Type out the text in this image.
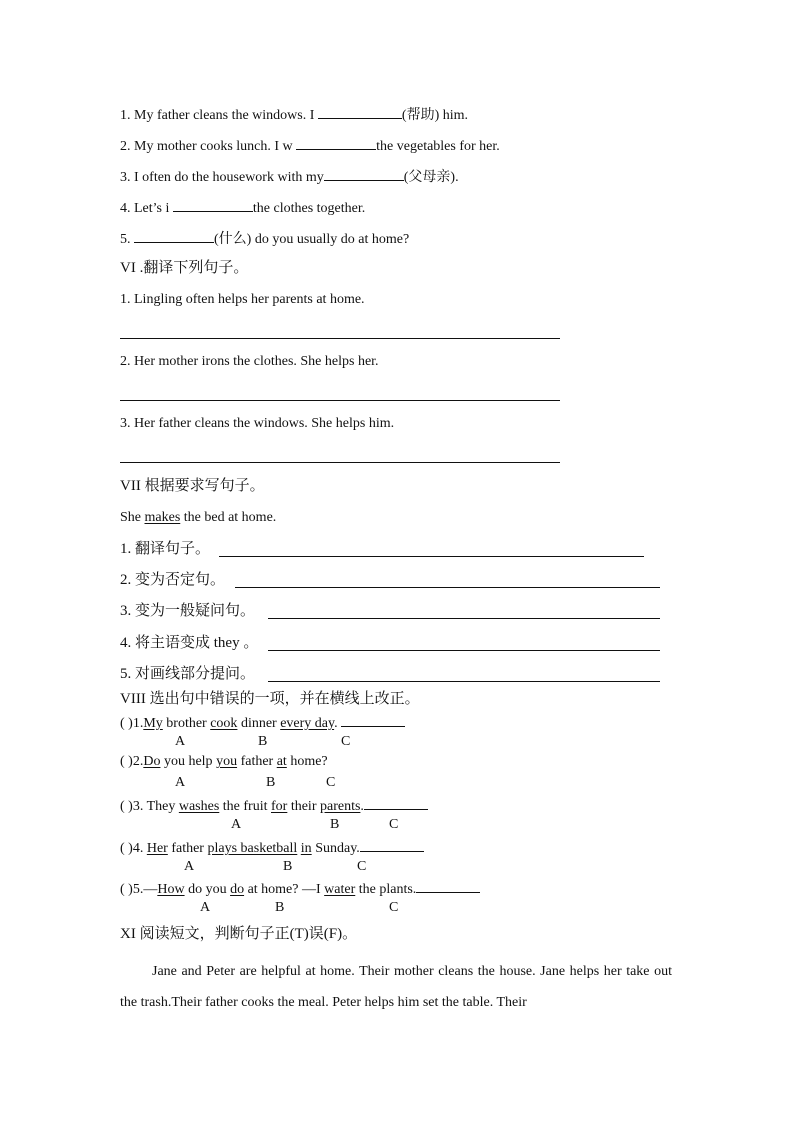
1. My father cleans the windows. I	(帮助) him.
2. My mother cooks lunch. I w	the vegetables for her.
3. I often do the housework with my	(父母亲).
4. Let’s i	the clothes together.
5.	(什么) do you usually do at home?
VI .翻译下列句子。
1. Lingling often helps her parents at home.
2. Her mother irons the clothes. She helps her.
3. Her father cleans the windows. She helps him.
VII 根据要求写句子。
She makes the bed at home.
1. 翻译句子。
2. 变为否定句。
3. 变为一般疑问句。
4. 将主语变成 they 。
5. 对画线部分提问。
VIII 选出句中错误的一项，并在横线上改正。
( )1.My brother cook dinner every day.
A	B	C
( )2.Do you help you father at home?
A	B	C
( )3. They washes the fruit for their parents.
A	B	C
( )4. Her father plays basketball in Sunday.
A	B	C
( )5.—How do you do at home? —I water the plants.
A	B	C
XI 阅读短文，判断句子正(T)误(F)。
Jane and Peter are helpful at home. Their mother cleans the house. Jane helps her take out the trash.Their father cooks the meal. Peter helps him set the table. Their
